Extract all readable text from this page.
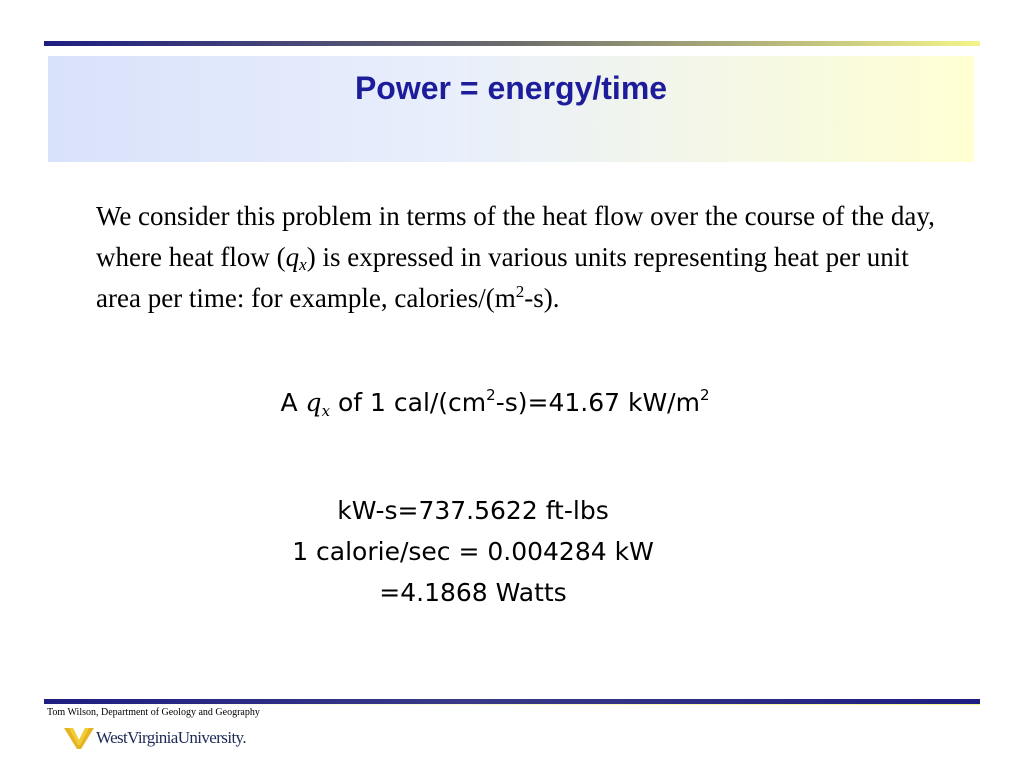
Power = energy/time

We consider this problem in terms of the heat flow over the course of the day, where heat flow $(q_x)$ is expressed in various units representing heat per unit area per time: for example, calories/$(m^2-s)$.

A $q_x$ of 1 cal/$(cm^2-s)=41.67$ $kW/m^2$
kW-s=737.5622 ft-lbs
1 calorie/sec = 0.004284 kW
=4.1868 Watts
Tom Wilson, Department of Geology and Geography
WestVirginiaUniversity.
